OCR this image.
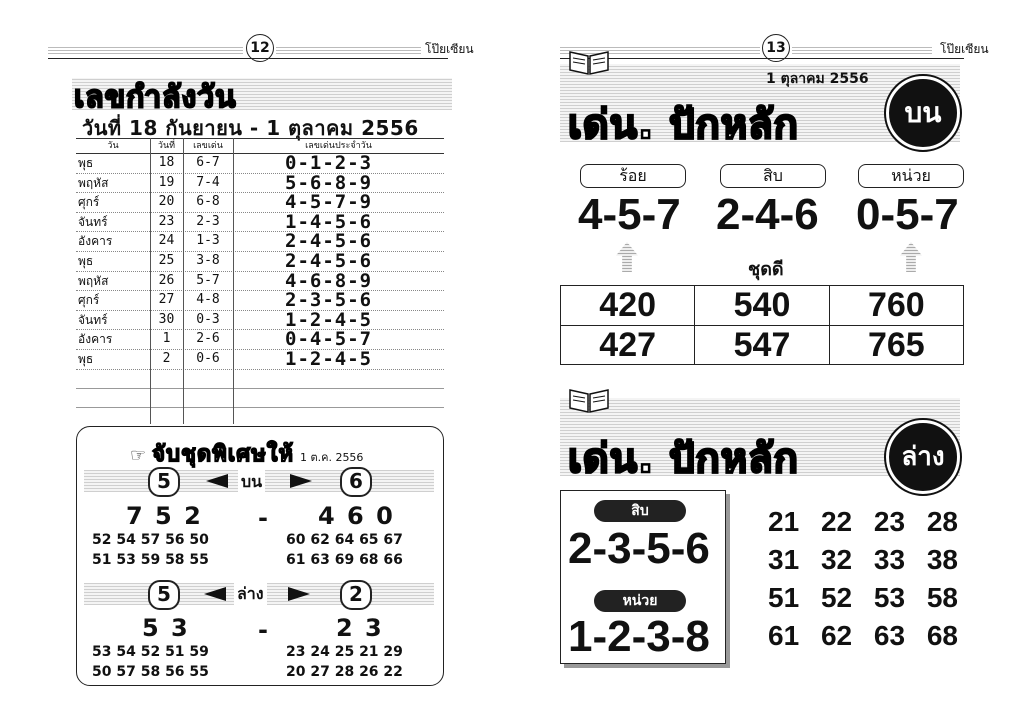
12	โป๊ยเซียน
เลขกำลังวัน
วันที่ 18 กันยายน - 1 ตุลาคม 2556
วัน	วันที่	เลขเด่น	เลขเด่นประจำวัน
พุธ	18	6-7	0-1-2-3
พฤหัส	19	7-4	5-6-8-9
ศุกร์	20	6-8	4-5-7-9
จันทร์	23	2-3	1-4-5-6
อังคาร	24	1-3	2-4-5-6
พุธ	25	3-8	2-4-5-6
พฤหัส	26	5-7	4-6-8-9
ศุกร์	27	4-8	2-3-5-6
จันทร์	30	0-3	1-2-4-5
อังคาร	1	2-6	0-4-5-7
พุธ	2	0-6	1-2-4-5
☞ จับชุดพิเศษให้ 1 ต.ค. 2556
5	บน	6
7 5 2 - 4 6 0
52 54 57 56 50
51 53 59 58 55
60 62 64 65 67
61 63 69 68 66
5	ล่าง	2
5 3	-	2 3
53 54 52 51 59
50 57 58 56 55
23 24 25 21 29
20 27 28 26 22
13	โป๊ยเซียน
1 ตุลาคม 2556
เด่น. ปักหลัก	บน
ร้อย	สิบ	หน่วย
4-5-7 2-4-6 0-5-7
ชุดดี
420	540	760
427	547	765
เด่น. ปักหลัก	ล่าง
สิบ
2-3-5-6
หน่วย
1-2-3-8
21 22 23 28
31 32 33 38
51 52 53 58
61 62 63 68
